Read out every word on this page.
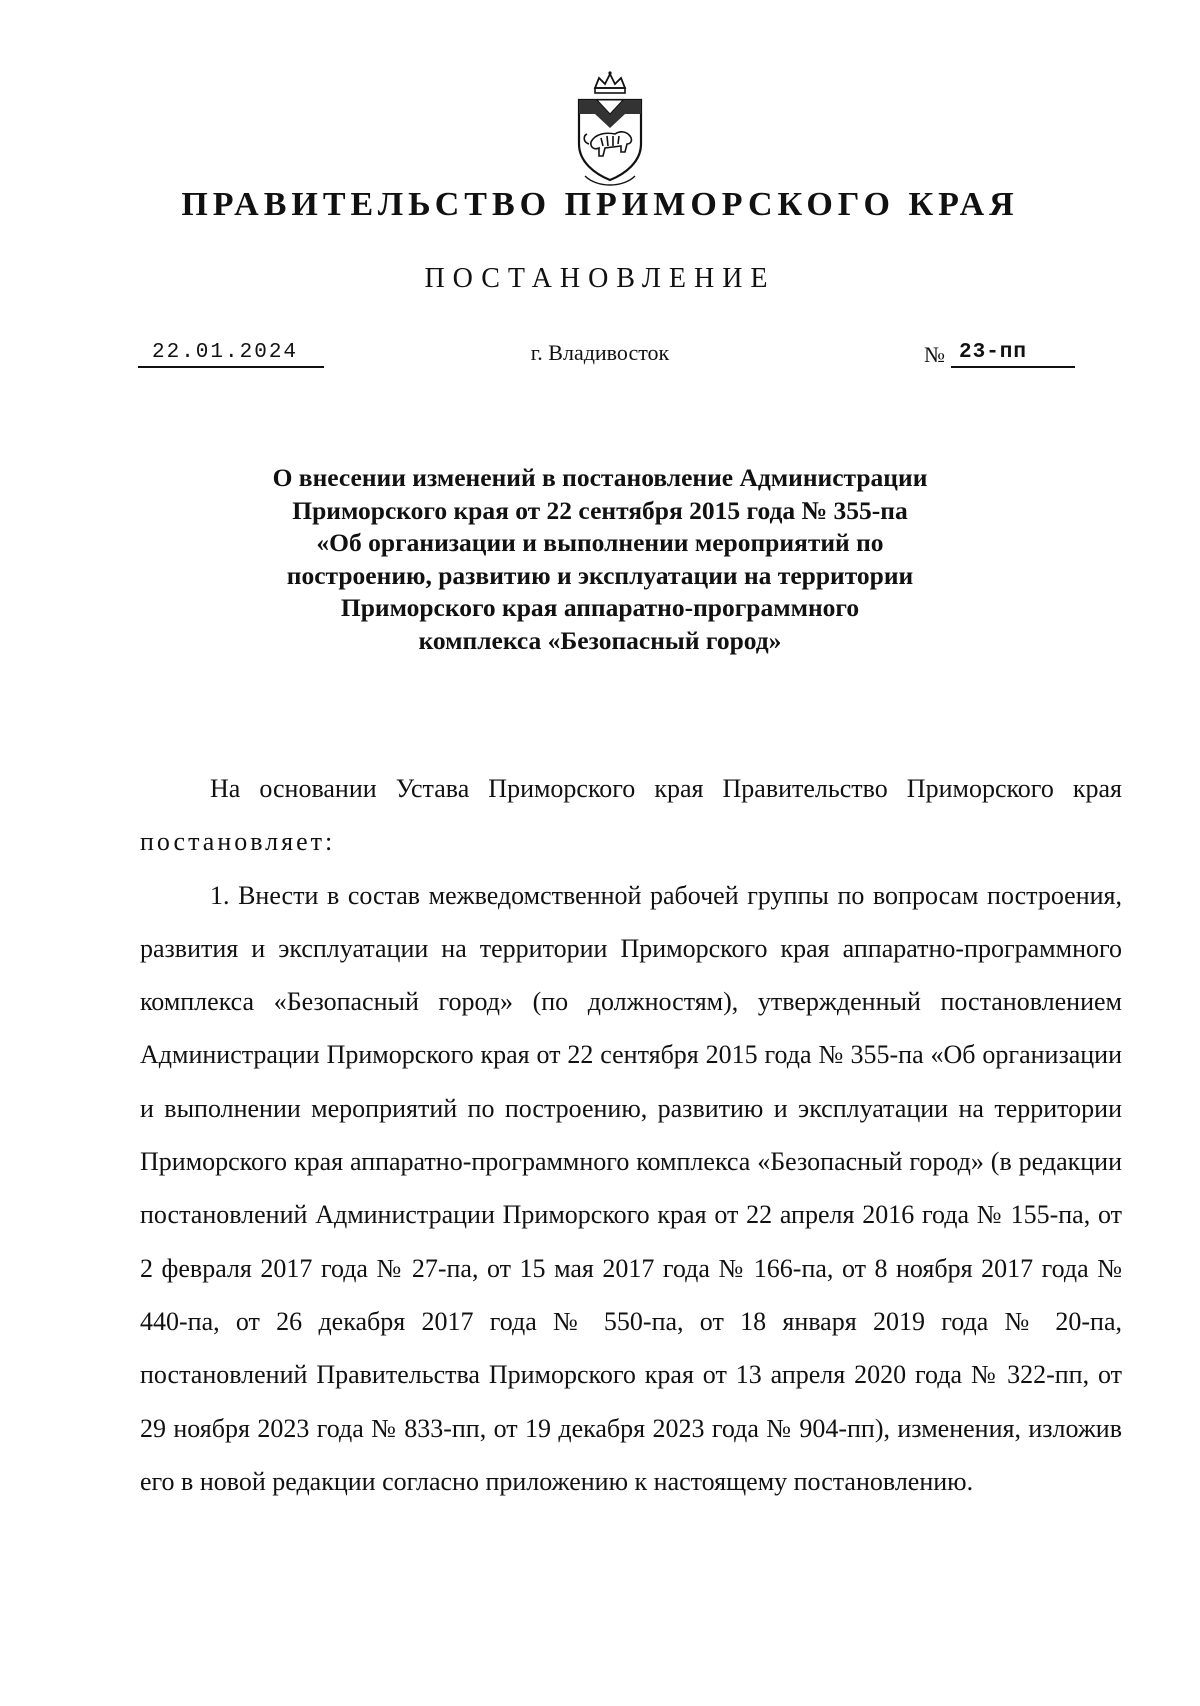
ПРАВИТЕЛЬСТВО ПРИМОРСКОГО КРАЯ
ПОСТАНОВЛЕНИЕ
22.01.2024	г. Владивосток	№ 23-пп
О внесении изменений в постановление Администрации
Приморского края от 22 сентября 2015 года № 355-па
«Об организации и выполнении мероприятий по
построению, развитию и эксплуатации на территории
Приморского края аппаратно-программного
комплекса «Безопасный город»

На основании Устава Приморского края Правительство Приморского края постановляет:

1. Внести в состав межведомственной рабочей группы по вопросам построения, развития и эксплуатации на территории Приморского края аппаратно-программного комплекса «Безопасный город» (по должностям), утвержденный постановлением Администрации Приморского края от 22 сентября 2015 года № 355-па «Об организации и выполнении мероприятий по построению, развитию и эксплуатации на территории Приморского края аппаратно-программного комплекса «Безопасный город» (в редакции постановлений Администрации Приморского края от 22 апреля 2016 года № 155-па, от 2 февраля 2017 года № 27-па, от 15 мая 2017 года № 166-па, от 8 ноября 2017 года № 440-па, от 26 декабря 2017 года № 550-па, от 18 января 2019 года № 20-па, постановлений Правительства Приморского края от 13 апреля 2020 года № 322-пп, от 29 ноября 2023 года № 833-пп, от 19 декабря 2023 года № 904-пп), изменения, изложив его в новой редакции согласно приложению к настоящему постановлению.
